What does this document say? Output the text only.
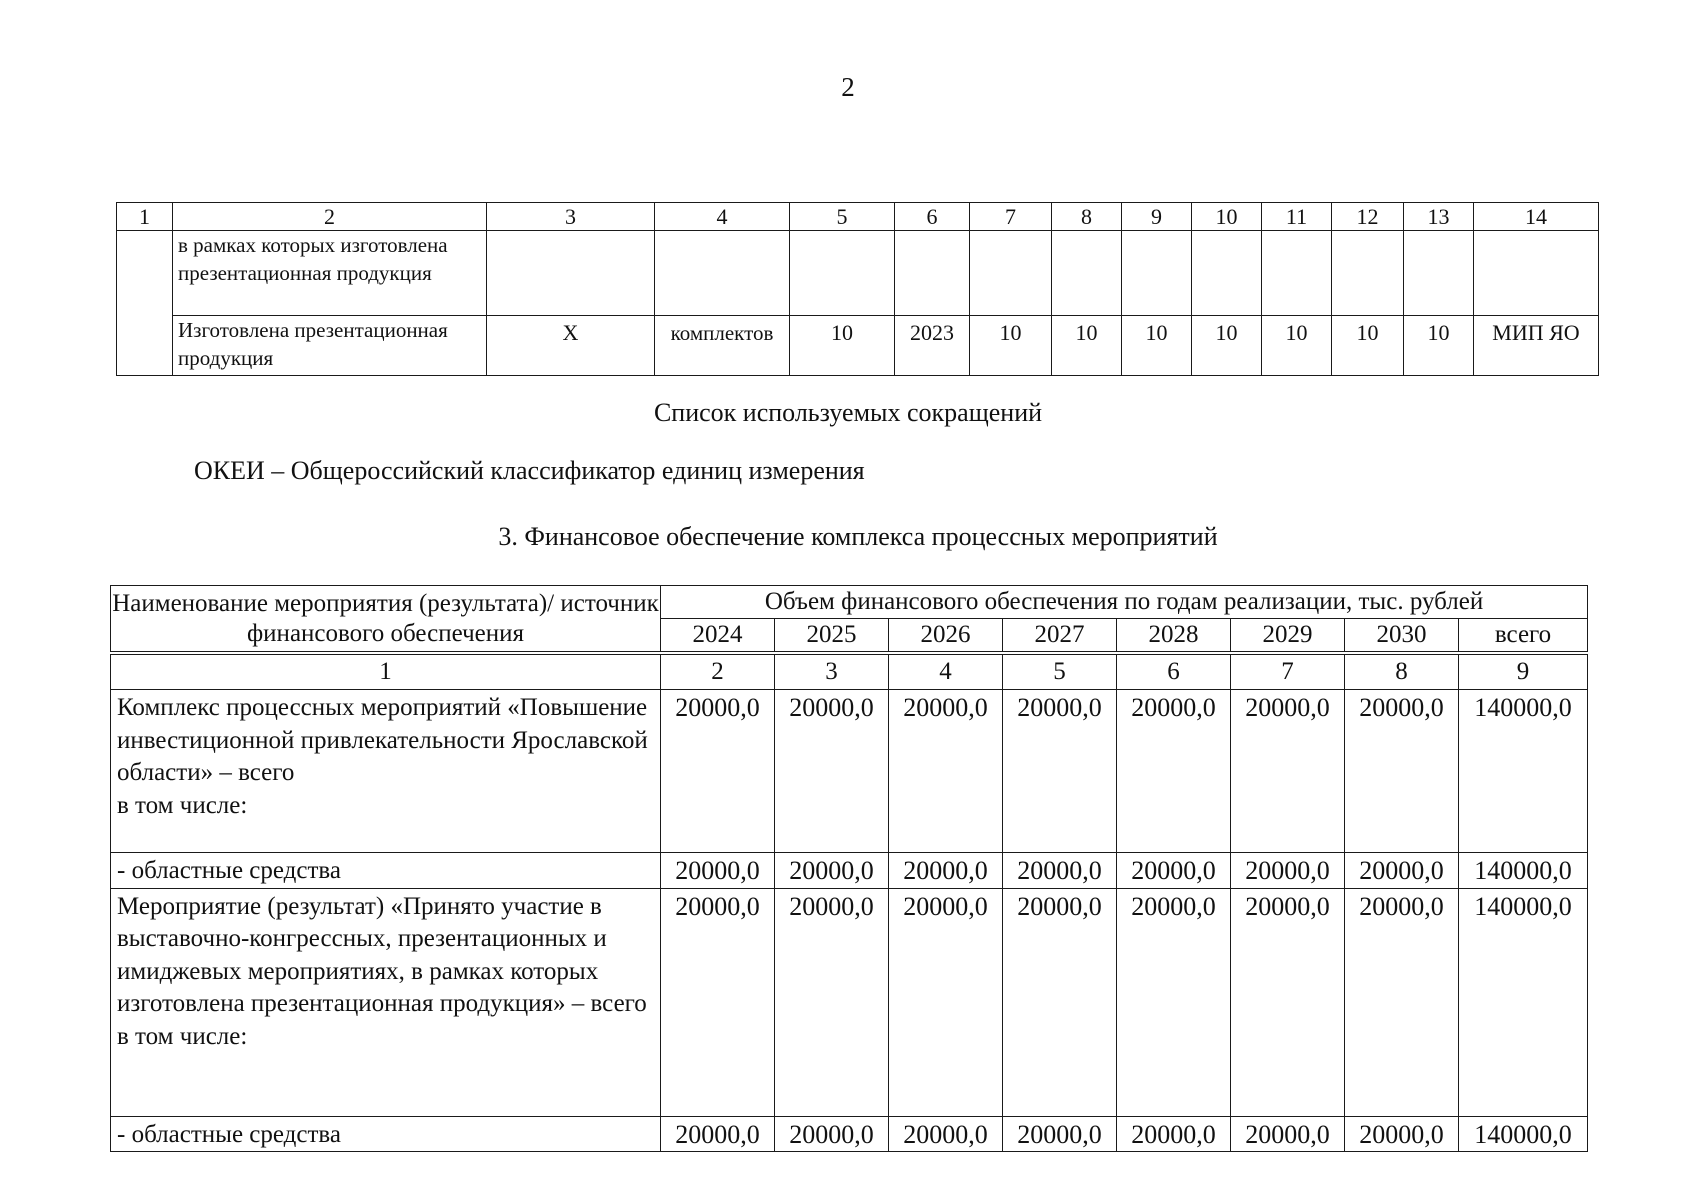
2
1	2	3	4	5	6	7	8	9	10	11	12	13	14
	в рамках которых изготовлена презентационная продукция												
	Изготовлена презентационная продукция	Х	комплектов	10	2023	10	10	10	10	10	10	10	МИП ЯО
Список используемых сокращений
ОКЕИ – Общероссийский классификатор единиц измерения
3. Финансовое обеспечение комплекса процессных мероприятий
Наименование мероприятия (результата)/ источник финансового обеспечения	Объем финансового обеспечения по годам реализации, тыс. рублей							
	2024	2025	2026	2027	2028	2029	2030	всего

1	2	3	4	5	6	7	8	9
Комплекс процессных мероприятий «Повышение инвестиционной привлекательности Ярославской области» – всего
в том числе:	20000,0	20000,0	20000,0	20000,0	20000,0	20000,0	20000,0	140000,0
- областные средства	20000,0	20000,0	20000,0	20000,0	20000,0	20000,0	20000,0	140000,0
Мероприятие (результат) «Принято участие в выставочно-конгрессных, презентационных и имиджевых мероприятиях, в рамках которых изготовлена презентационная продукция» – всего
в том числе:	20000,0	20000,0	20000,0	20000,0	20000,0	20000,0	20000,0	140000,0
- областные средства	20000,0	20000,0	20000,0	20000,0	20000,0	20000,0	20000,0	140000,0
